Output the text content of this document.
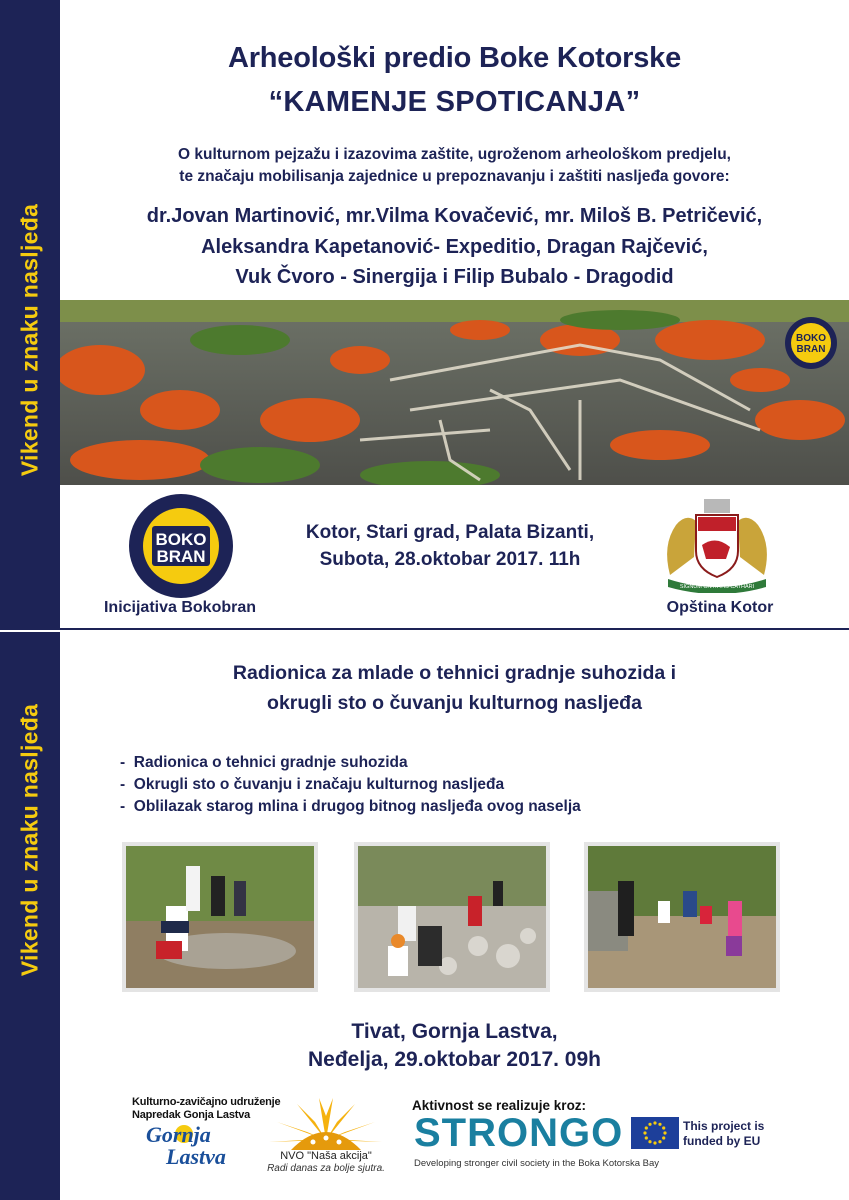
Vikend u znaku nasljeđa
Vikend u znaku nasljeđa
Arheološki predio Boke Kotorske
“KAMENJE SPOTICANJA”
O kulturnom pejzažu i izazovima zaštite, ugroženom arheološkom predjelu,
te značaju mobilisanja zajednice u prepoznavanju i zaštiti nasljeđa govore:
dr.Jovan Martinović, mr.Vilma Kovačević, mr. Miloš B. Petričević,
Aleksandra Kapetanović- Expeditio, Dragan Rajčević,
Vuk Čvoro - Sinergija i Filip Bubalo - Dragodid
BOKO
BRAN
BOKO
BRAN
Inicijativa Bokobran
Kotor, Stari grad, Palata Bizanti,
Subota, 28.oktobar 2017. 11h
SIGNUM CIVITATIS CATHARI
Opština Kotor
Radionica za mlade o tehnici gradnje suhozida i
okrugli sto o čuvanju kulturnog nasljeđa
-  Radionica o tehnici gradnje suhozida
-  Okrugli sto o čuvanju i značaju kulturnog nasljeđa
-  Oblilazak starog mlina i drugog bitnog nasljeđa ovog naselja
Tivat, Gornja Lastva,
Neđelja, 29.oktobar 2017. 09h
Kulturno-zavičajno udruženje
Napredak Gonja Lastva
Gornja
Lastva	NVO "Naša akcija"
Radi danas za bolje sjutra.
Aktivnost se realizuje kroz:
STRONGO
Developing stronger civil society in the Boka Kotorska Bay
This project is
funded by EU
